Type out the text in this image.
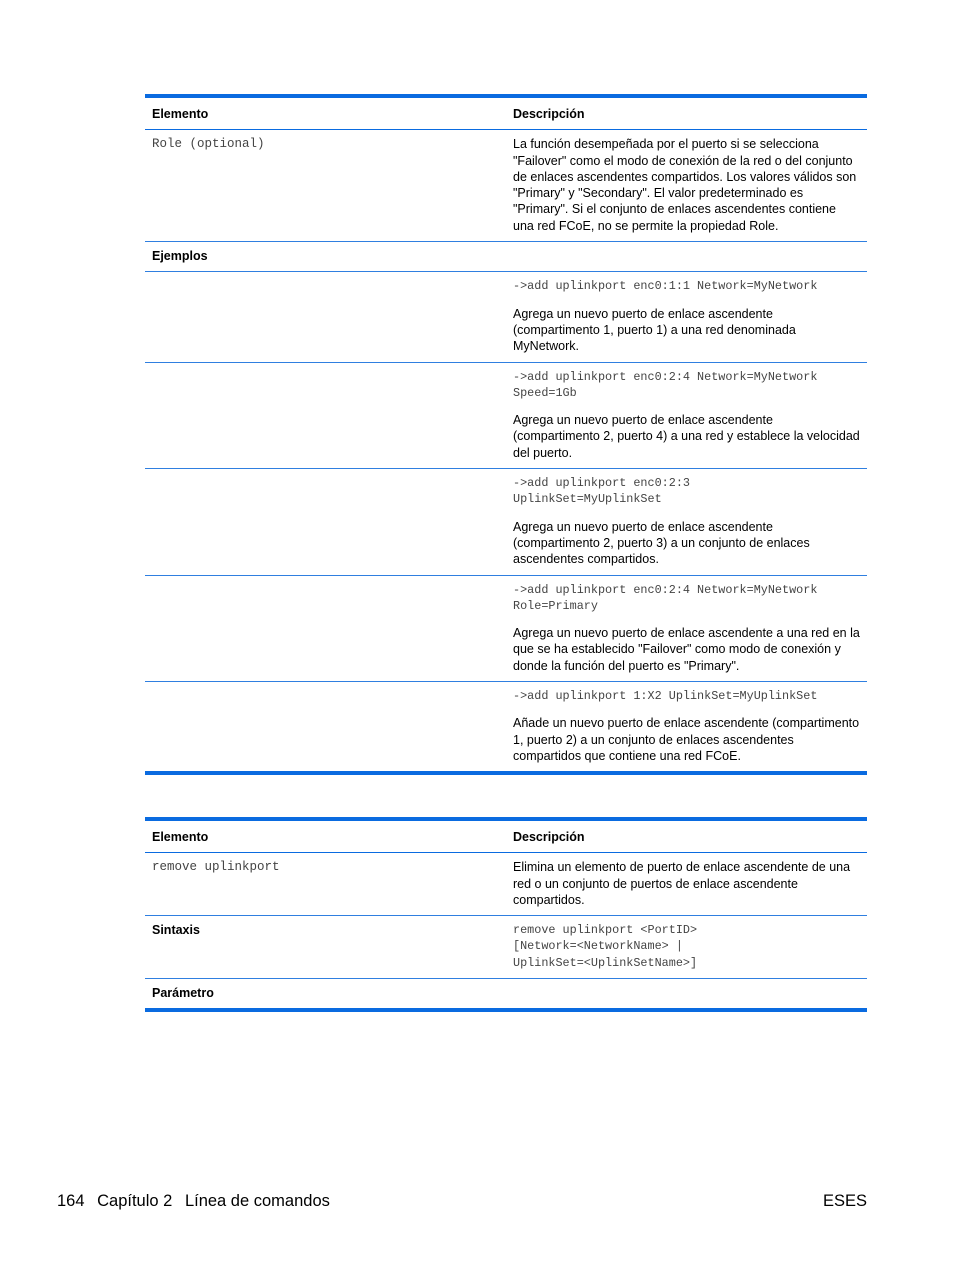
Elemento	Descripción
Role (optional)	La función desempeñada por el puerto si se selecciona "Failover" como el modo de conexión de la red o del conjunto de enlaces ascendentes compartidos. Los valores válidos son "Primary" y "Secondary". El valor predeterminado es "Primary". Si el conjunto de enlaces ascendentes contiene una red FCoE, no se permite la propiedad Role.
Ejemplos	

	->add uplinkport enc0:1:1 Network=MyNetwork
Agrega un nuevo puerto de enlace ascendente (compartimento 1, puerto 1) a una red denominada MyNetwork.

	->add uplinkport enc0:2:4 Network=MyNetwork
Speed=1Gb
Agrega un nuevo puerto de enlace ascendente (compartimento 2, puerto 4) a una red y establece la velocidad del puerto.

	->add uplinkport enc0:2:3
UplinkSet=MyUplinkSet
Agrega un nuevo puerto de enlace ascendente (compartimento 2, puerto 3) a un conjunto de enlaces ascendentes compartidos.

	->add uplinkport enc0:2:4 Network=MyNetwork
Role=Primary
Agrega un nuevo puerto de enlace ascendente a una red en la que se ha establecido "Failover" como modo de conexión y donde la función del puerto es "Primary".

	->add uplinkport 1:X2 UplinkSet=MyUplinkSet
Añade un nuevo puerto de enlace ascendente (compartimento 1, puerto 2) a un conjunto de enlaces ascendentes compartidos que contiene una red FCoE.
Elemento	Descripción
remove uplinkport	Elimina un elemento de puerto de enlace ascendente de una red o un conjunto de puertos de enlace ascendente compartidos.
Sintaxis	remove uplinkport <PortID>
[Network=<NetworkName> |
UplinkSet=<UplinkSetName>]

Parámetro	
164 Capítulo 2 Línea de comandos	ESES
